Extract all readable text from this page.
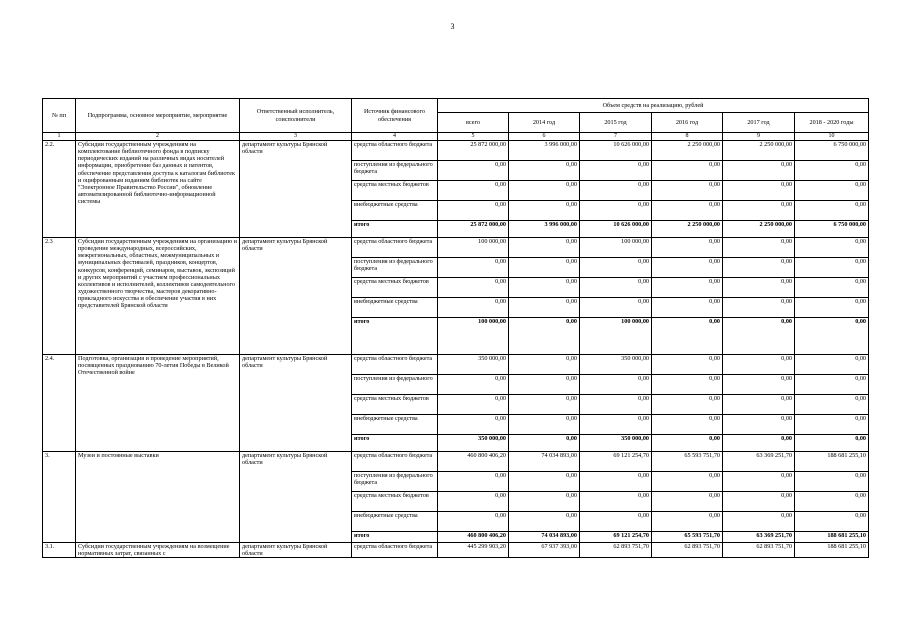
3
№ пп	Подпрограмма, основное мероприятие, мероприятие	Ответственный исполнитель, соисполнители	Источник финансового обеспечения	Объем средств на реализацию, рублей					
				всего	2014 год	2015 год	2016 год	2017 год	2018 - 2020 годы
1	2	3	4	5	6	7	8	9	10
2.2.	Субсидии государственным учреждениям на комплектование библиотечного фонда в подписку периодических изданий на различных видах носителей информации, приобретение баз данных и патентов, обеспечение представления доступа к каталогам библиотек и оцифрованным изданиям библиотек на сайте "Электронное Правительство России", обновление автоматизированной библиотечно-информационной системы	департамент культуры Брянской области	средства областного бюджета	25 872 000,00	3 996 000,00	10 626 000,00	2 250 000,00	2 250 000,00	6 750 000,00
			поступления из федерального бюджета	0,00	0,00	0,00	0,00	0,00	0,00
			средства местных бюджетов	0,00	0,00	0,00	0,00	0,00	0,00
			внебюджетные средства	0,00	0,00	0,00	0,00	0,00	0,00
			итого	25 872 000,00	3 996 000,00	10 626 000,00	2 250 000,00	2 250 000,00	6 750 000,00
2.3	Субсидии государственным учреждениям на организацию и проведение международных, всероссийских, межрегиональных, областных, межмуниципальных и муниципальных фестивалей, праздников, концертов, конкурсов, конференций, семинаров, выставок, экспозиций и других мероприятий с участием профессиональных коллективов и исполнителей, коллективов самодеятельного художественного творчества, мастеров декоративно-прикладного искусства и обеспечение участия в них представителей Брянской области	департамент культуры Брянской области	средства областного бюджета	100 000,00	0,00	100 000,00	0,00	0,00	0,00
			поступления из федерального бюджета	0,00	0,00	0,00	0,00	0,00	0,00
			средства местных бюджетов	0,00	0,00	0,00	0,00	0,00	0,00
			внебюджетные средства	0,00	0,00	0,00	0,00	0,00	0,00
			итого	100 000,00	0,00	100 000,00	0,00	0,00	0,00
2.4.	Подготовка, организация и проведение мероприятий, посвященных празднованию 70-летия Победы в Великой Отечественной войне	департамент культуры Брянской области	средства областного бюджета	350 000,00	0,00	350 000,00	0,00	0,00	0,00
			поступления из федерального	0,00	0,00	0,00	0,00	0,00	0,00
			средства местных бюджетов	0,00	0,00	0,00	0,00	0,00	0,00
			внебюджетные средства	0,00	0,00	0,00	0,00	0,00	0,00
			итого	350 000,00	0,00	350 000,00	0,00	0,00	0,00
3.	Музеи и постоянные выставки	департамент культуры Брянской области	средства областного бюджета	460 800 406,20	74 034 893,00	69 121 254,70	65 593 751,70	63 369 251,70	188 681 255,10
			поступления из федерального бюджета	0,00	0,00	0,00	0,00	0,00	0,00
			средства местных бюджетов	0,00	0,00	0,00	0,00	0,00	0,00
			внебюджетные средства	0,00	0,00	0,00	0,00	0,00	0,00
			итого	460 800 406,20	74 034 893,00	69 121 254,70	65 593 751,70	63 369 251,70	188 681 255,10
3.1.	Субсидии государственным учреждениям на возмещение нормативных затрат, связанных с	департамент культуры Брянской области	средства областного бюджета	445 299 903,20	67 937 393,00	62 893 751,70	62 893 751,70	62 893 751,70	188 681 255,10
